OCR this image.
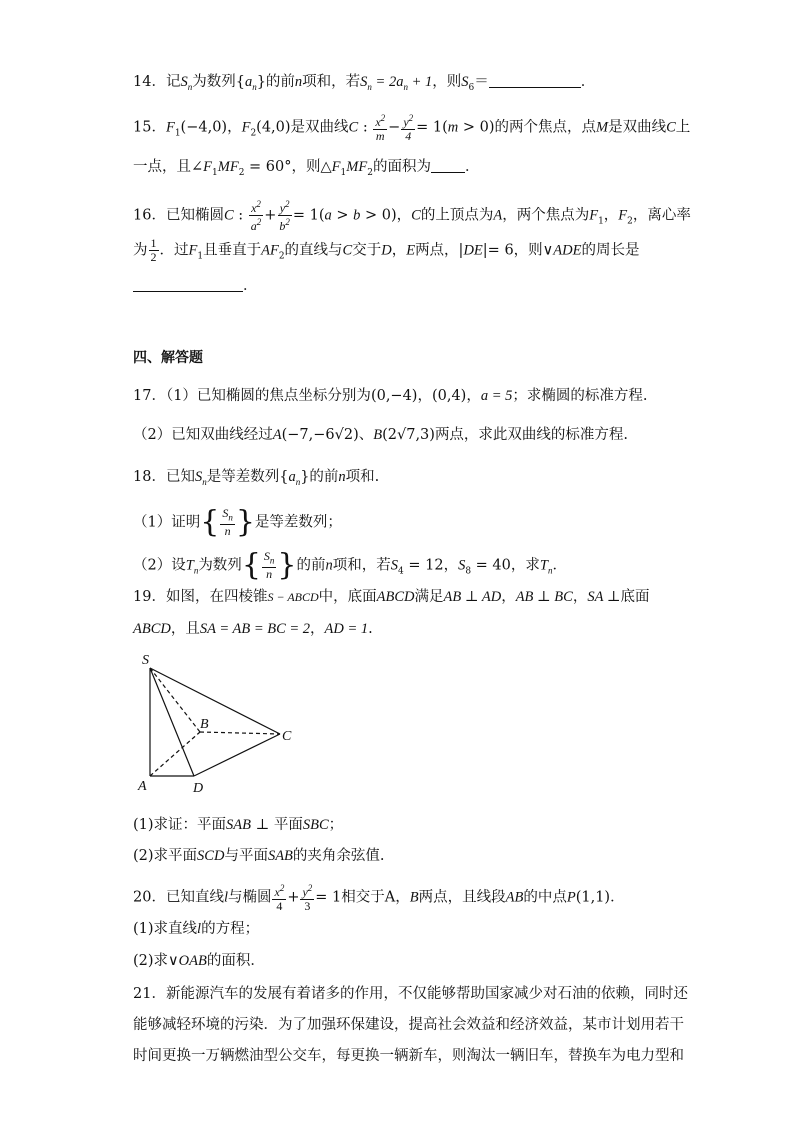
14．记$S_n$为数列$\{a_n\}$的前n项和，若$S_n = 2a_n + 1$，则$S_6=$	．
15．$F_1(-4,0)$，$F_2(4,0)$是双曲线C : $\frac{x^2}{m} - \frac{y^2}{4} = 1(m > 0)$的两个焦点，点M是双曲线C上
一点，且$\angle F_1MF_2 = 60^\circ$，则$\triangle F_1MF_2$的面积为 ．
16．已知椭圆C : $\frac{x^2}{a^2} + \frac{y^2}{b^2} = 1(a > b > 0)$，C的上顶点为A，两个焦点为$F_1$，$F_2$，离心率
为 $\frac{1}{2}$ ．过$F_1$且垂直于$AF_2$的直线与C交于D，E两点，|DE|= 6，则∨ADE的周长是
．
四、解答题
17．（1）已知椭圆的焦点坐标分别为(0,−4)，(0,4)，a = 5；求椭圆的标准方程.
（2）已知双曲线经过A(−7,−6√2)、B(2√7,3)两点，求此双曲线的标准方程.
18．已知$S_n$是等差数列$\{a_n\}$的前n项和.
（1）证明{ $\frac{S_n}{n}$ }是等差数列；
（2）设$T_n$为数列{ $\frac{S_n}{n}$ }的前n项和，若$S_4 = 12$，$S_8 = 40$，求$T_n$．
19．如图，在四棱锥S − ABCD中，底面ABCD满足AB ⊥ AD，AB ⊥ BC，SA ⊥底面
ABCD，且SA = AB = BC = 2，AD = 1.
S
A
B
C
D
(1)求证：平面SAB ⊥ 平面SBC；
(2)求平面SCD与平面SAB的夹角余弦值.
20．已知直线l与椭圆 $\frac{x^2}{4} + \frac{y^2}{3} = 1$相交于A，B两点，且线段AB的中点P(1,1)．
(1)求直线l的方程；
(2)求∨OAB的面积．
21．新能源汽车的发展有着诸多的作用，不仅能够帮助国家减少对石油的依赖，同时还
能够减轻环境的污染．为了加强环保建设，提高社会效益和经济效益，某市计划用若干
时间更换一万辆燃油型公交车，每更换一辆新车，则淘汰一辆旧车，替换车为电力型和
